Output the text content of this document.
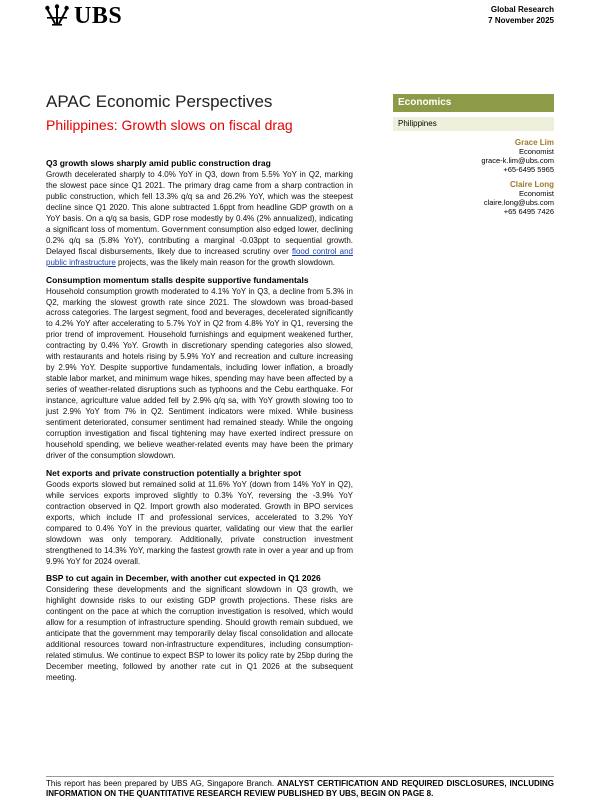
UBS	Global Research
7 November 2025
APAC Economic Perspectives
Philippines: Growth slows on fiscal drag
Economics
Philippines
Grace Lim
Economist
grace-k.lim@ubs.com
+65-6495 5965
Claire Long
Economist
claire.long@ubs.com
+65 6495 7426
Q3 growth slows sharply amid public construction drag

Growth decelerated sharply to 4.0% YoY in Q3, down from 5.5% YoY in Q2, marking the slowest pace since Q1 2021. The primary drag came from a sharp contraction in public construction, which fell 13.3% q/q sa and 26.2% YoY, which was the steepest decline since Q1 2020. This alone subtracted 1.6ppt from headline GDP growth on a YoY basis. On a q/q sa basis, GDP rose modestly by 0.4% (2% annualized), indicating a significant loss of momentum. Government consumption also edged lower, declining 0.2% q/q sa (5.8% YoY), contributing a marginal -0.03ppt to sequential growth. Delayed fiscal disbursements, likely due to increased scrutiny over flood control and public infrastructure projects, was the likely main reason for the growth slowdown.

Consumption momentum stalls despite supportive fundamentals

Household consumption growth moderated to 4.1% YoY in Q3, a decline from 5.3% in Q2, marking the slowest growth rate since 2021. The slowdown was broad-based across categories. The largest segment, food and beverages, decelerated significantly to 4.2% YoY after accelerating to 5.7% YoY in Q2 from 4.8% YoY in Q1, reversing the prior trend of improvement. Household furnishings and equipment weakened further, contracting by 0.4% YoY. Growth in discretionary spending categories also slowed, with restaurants and hotels rising by 5.9% YoY and recreation and culture increasing by 2.9% YoY. Despite supportive fundamentals, including lower inflation, a broadly stable labor market, and minimum wage hikes, spending may have been affected by a series of weather-related disruptions such as typhoons and the Cebu earthquake. For instance, agriculture value added fell by 2.9% q/q sa, with YoY growth slowing too to just 2.9% YoY from 7% in Q2. Sentiment indicators were mixed. While business sentiment deteriorated, consumer sentiment had remained steady. While the ongoing corruption investigation and fiscal tightening may have exerted indirect pressure on household spending, we believe weather-related events may have been the primary driver of the consumption slowdown.

Net exports and private construction potentially a brighter spot

Goods exports slowed but remained solid at 11.6% YoY (down from 14% YoY in Q2), while services exports improved slightly to 0.3% YoY, reversing the -3.9% YoY contraction observed in Q2. Import growth also moderated. Growth in BPO services exports, which include IT and professional services, accelerated to 3.2% YoY compared to 0.4% YoY in the previous quarter, validating our view that the earlier slowdown was only temporary. Additionally, private construction investment strengthened to 14.3% YoY, marking the fastest growth rate in over a year and up from 9.9% YoY for 2024 overall.

BSP to cut again in December, with another cut expected in Q1 2026

Considering these developments and the significant slowdown in Q3 growth, we highlight downside risks to our existing GDP growth projections. These risks are contingent on the pace at which the corruption investigation is resolved, which would allow for a resumption of infrastructure spending. Should growth remain subdued, we anticipate that the government may temporarily delay fiscal consolidation and allocate additional resources toward non-infrastructure expenditures, including consumption-related stimulus. We continue to expect BSP to lower its policy rate by 25bp during the December meeting, followed by another rate cut in Q1 2026 at the subsequent meeting.

This report has been prepared by UBS AG, Singapore Branch. ANALYST CERTIFICATION AND REQUIRED DISCLOSURES, INCLUDING INFORMATION ON THE QUANTITATIVE RESEARCH REVIEW PUBLISHED BY UBS, BEGIN ON PAGE 8.
